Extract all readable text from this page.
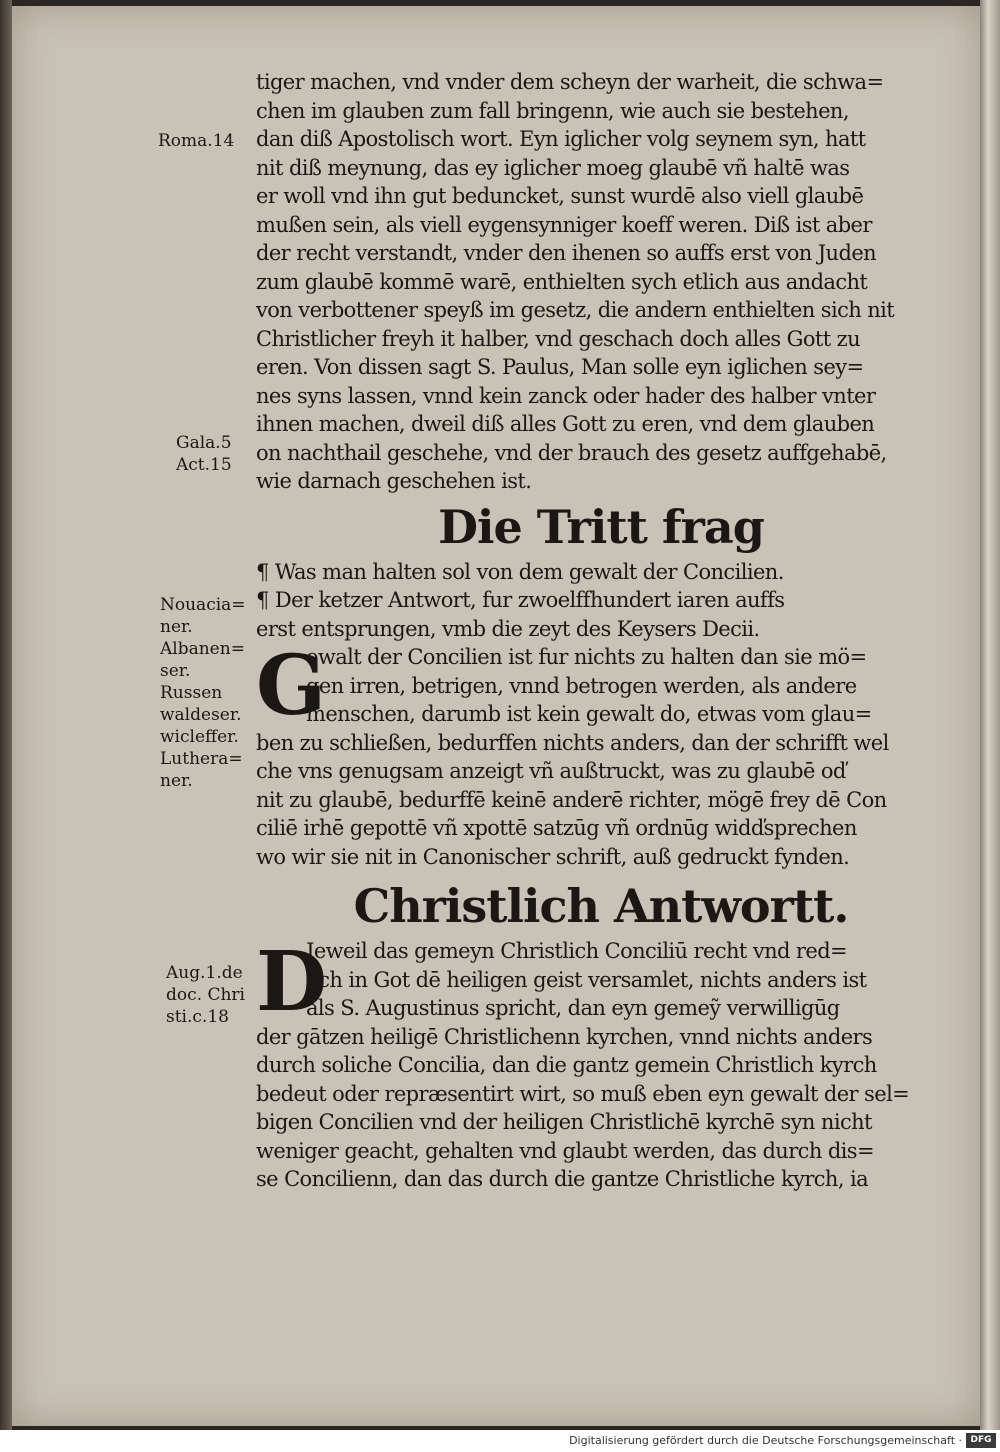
Roma.14
Gala.5
Act.15
Nouacia=
ner.
Albanen=
ser.
Russen
waldeser.
wicleffer.
Luthera=
ner.
Aug.1.de
doc. Chri
sti.c.18
tiger machen, vnd vnder dem scheyn der warheit, die schwa=
chen im glauben zum fall bringenn, wie auch sie bestehen,
dan diß Apostolisch wort. Eyn iglicher volg seynem syn, hatt
nit diß meynung, das ey iglicher moeg glaubē vñ haltē was
er woll vnd ihn gut beduncket, sunst wurdē also viell glaubē
mußen sein, als viell eygensynniger koeff weren. Diß ist aber
der recht verstandt, vnder den ihenen so auffs erst von Juden
zum glaubē kommē warē, enthielten sych etlich aus andacht
von verbottener speyß im gesetz, die andern enthielten sich nit
Christlicher freyh it halber, vnd geschach doch alles Gott zu
eren. Von dissen sagt S. Paulus, Man solle eyn iglichen sey=
nes syns lassen, vnnd kein zanck oder hader des halber vnter
ihnen machen, dweil diß alles Gott zu eren, vnd dem glauben
on nachthail geschehe, vnd der brauch des gesetz auffgehabē,
wie darnach geschehen ist.
Die Tritt frag
¶ Was man halten sol von dem gewalt der Concilien.
¶ Der ketzer Antwort, fur zwoelffhundert iaren auffs
erst entsprungen, vmb die zeyt des Keysers Decii.
G
ewalt der Concilien ist fur nichts zu halten dan sie mö=
gen irren, betrigen, vnnd betrogen werden, als andere
menschen, darumb ist kein gewalt do, etwas vom glau=
ben zu schließen, bedurffen nichts anders, dan der schrifft wel
che vns genugsam anzeigt vñ außtruckt, was zu glaubē oď
nit zu glaubē, bedurffē keinē anderē richter, mögē frey dē Con
ciliē irhē gepottē vñ xpottē satzūg vñ ordnūg widďsprechen
wo wir sie nit in Canonischer schrift, auß gedruckt fynden.
Christlich Antwortt.
D
Jeweil das gemeyn Christlich Conciliū recht vnd red=
lich in Got dē heiligen geist versamlet, nichts anders ist
als S. Augustinus spricht, dan eyn gemeỹ verwilligūg
der gātzen heiligē Christlichenn kyrchen, vnnd nichts anders
durch soliche Concilia, dan die gantz gemein Christlich kyrch
bedeut oder repræsentirt wirt, so muß eben eyn gewalt der sel=
bigen Concilien vnd der heiligen Christlichē kyrchē syn nicht
weniger geacht, gehalten vnd glaubt werden, das durch dis=
se Concilienn, dan das durch die gantze Christliche kyrch, ia
Digitalisierung gefördert durch die Deutsche Forschungsgemeinschaft · DFG
